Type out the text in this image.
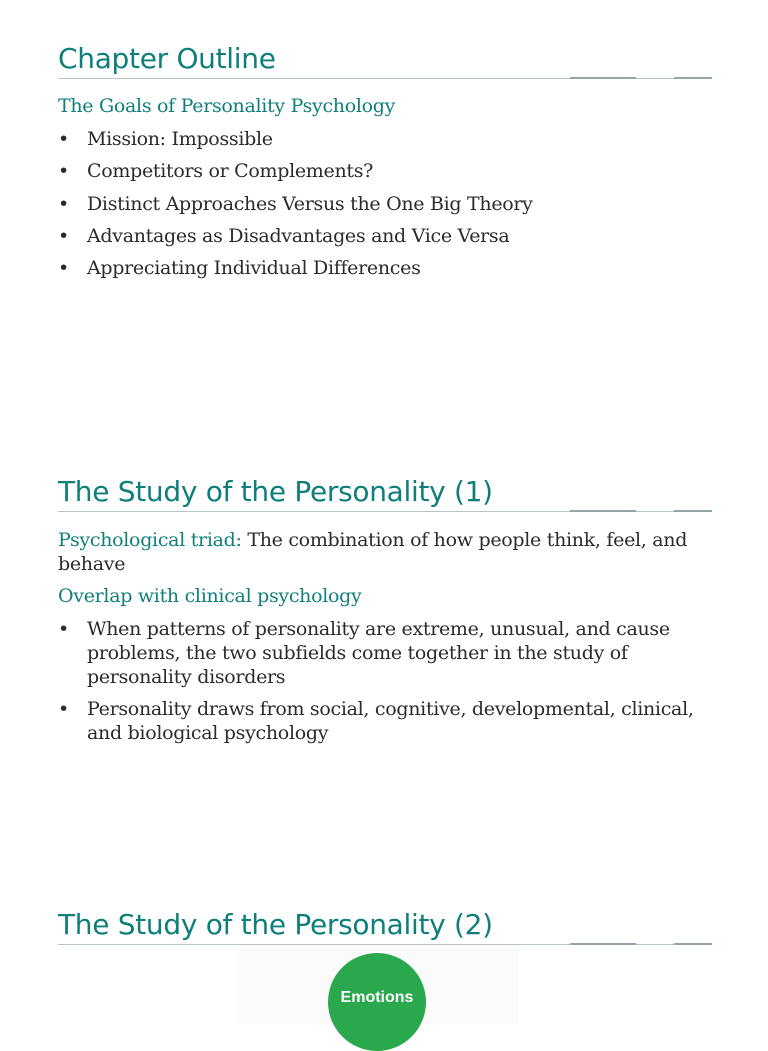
Chapter Outline

The Goals of Personality Psychology

• Mission: Impossible
• Competitors or Complements?
• Distinct Approaches Versus the One Big Theory
• Advantages as Disadvantages and Vice Versa
• Appreciating Individual Differences
The Study of the Personality (1)

Psychological triad: The combination of how people think, feel, and behave

Overlap with clinical psychology

• When patterns of personality are extreme, unusual, and cause problems, the two subfields come together in the study of personality disorders
• Personality draws from social, cognitive, developmental, clinical, and biological psychology
The Study of the Personality (2)
Emotions
